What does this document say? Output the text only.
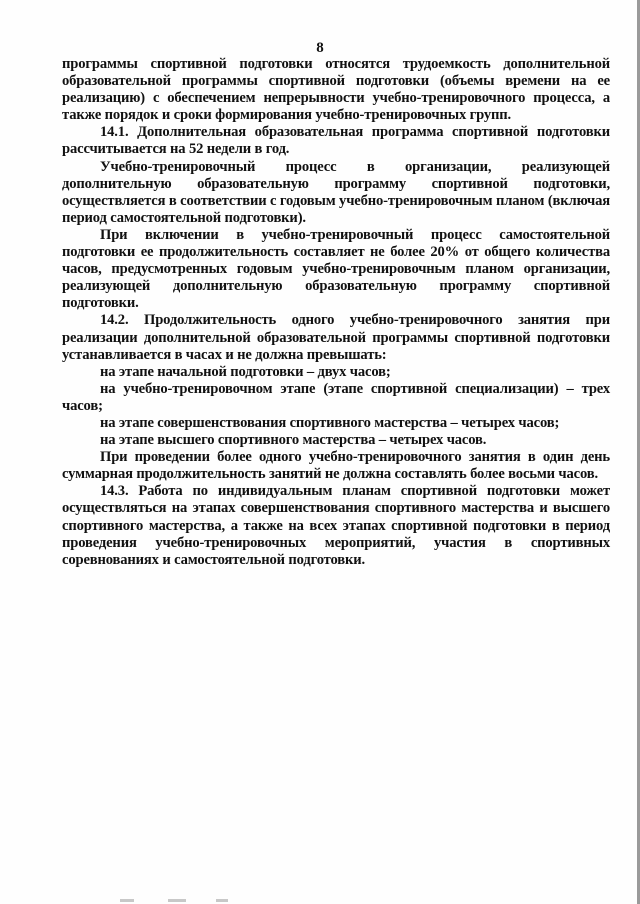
8

программы спортивной подготовки относятся трудоемкость дополнительной образовательной программы спортивной подготовки (объемы времени на ее реализацию) с обеспечением непрерывности учебно-тренировочного процесса, а также порядок и сроки формирования учебно-тренировочных групп.

14.1. Дополнительная образовательная программа спортивной подготовки рассчитывается на 52 недели в год.

Учебно-тренировочный процесс в организации, реализующей дополнительную образовательную программу спортивной подготовки, осуществляется в соответствии с годовым учебно-тренировочным планом (включая период самостоятельной подготовки).

При включении в учебно-тренировочный процесс самостоятельной подготовки ее продолжительность составляет не более 20% от общего количества часов, предусмотренных годовым учебно-тренировочным планом организации, реализующей дополнительную образовательную программу спортивной подготовки.

14.2. Продолжительность одного учебно-тренировочного занятия при реализации дополнительной образовательной программы спортивной подготовки устанавливается в часах и не должна превышать:

на этапе начальной подготовки – двух часов;

на учебно-тренировочном этапе (этапе спортивной специализации) – трех часов;

на этапе совершенствования спортивного мастерства – четырех часов;

на этапе высшего спортивного мастерства – четырех часов.

При проведении более одного учебно-тренировочного занятия в один день суммарная продолжительность занятий не должна составлять более восьми часов.

14.3. Работа по индивидуальным планам спортивной подготовки может осуществляться на этапах совершенствования спортивного мастерства и высшего спортивного мастерства, а также на всех этапах спортивной подготовки в период проведения учебно-тренировочных мероприятий, участия в спортивных соревнованиях и самостоятельной подготовки.
